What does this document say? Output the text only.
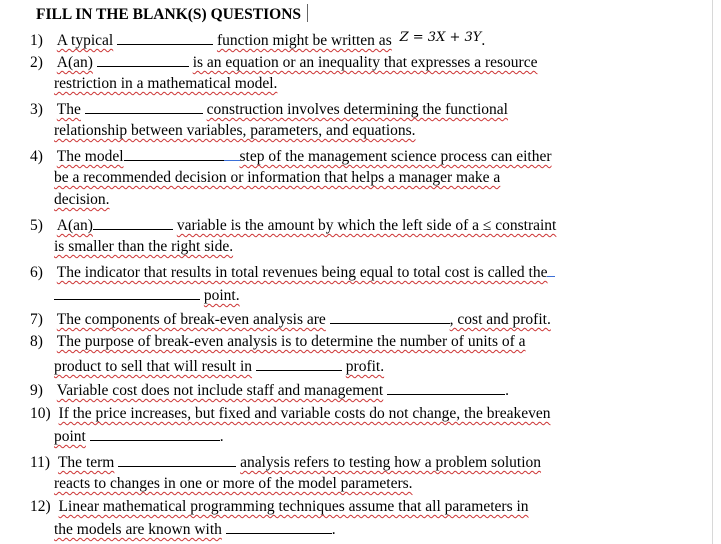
FILL IN THE BLANK(S) QUESTIONS
1) A typical	function might be written as $^{Z = 3X + 3Y}$.
2) A(an)	is an equation or an inequality that expresses a resource
restriction in a mathematical model.
3) The	construction involves determining the functional
relationship between variables, parameters, and equations.
4) The model	step of the management science process can either
be a recommended decision or information that helps a manager make a
decision.
5) A(an)	variable is the amount by which the left side of a ≤ constraint
is smaller than the right side.
6) The indicator that results in total revenues being equal to total cost is called the
point.
7) The components of break-even analysis are	, cost and profit.
8) The purpose of break-even analysis is to determine the number of units of a
product to sell that will result in	profit.
9) Variable cost does not include staff and management	.
10) If the price increases, but fixed and variable costs do not change, the breakeven
point	.
11) The term	analysis refers to testing how a problem solution
reacts to changes in one or more of the model parameters.
12) Linear mathematical programming techniques assume that all parameters in
the models are known with	.
